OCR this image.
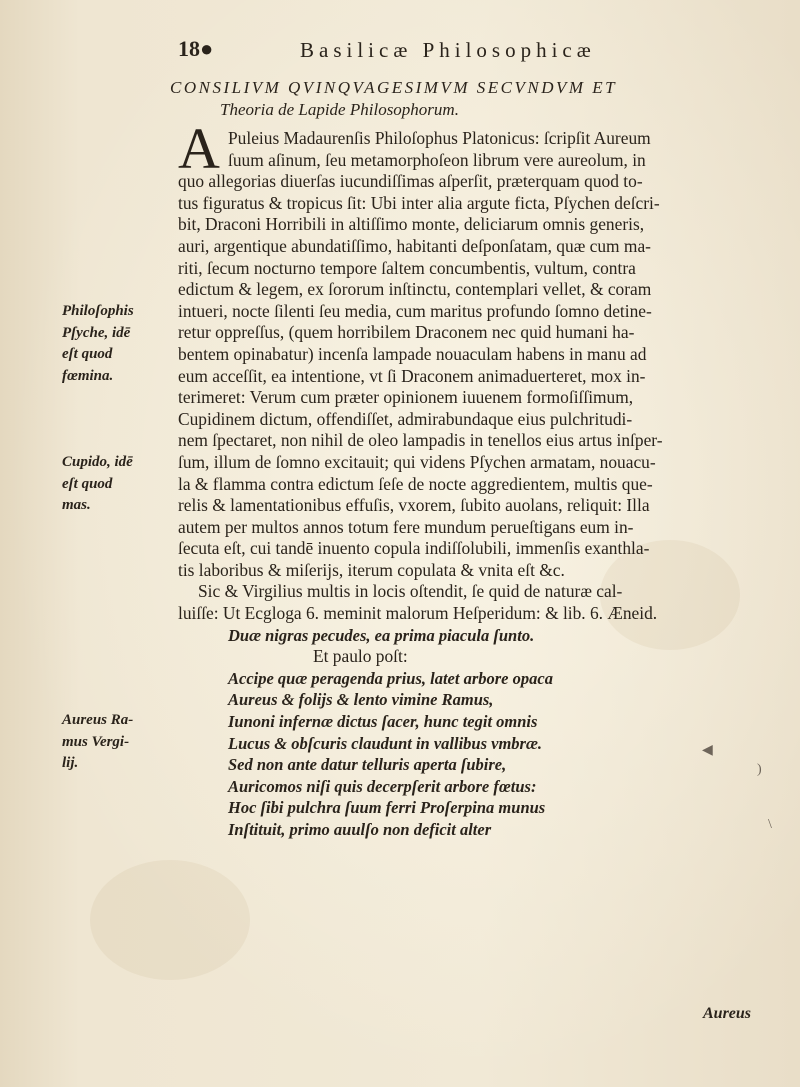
18●	Basilicæ Philosophicæ
CONSILIVM QVINQVAGESIMVM SECVNDVM ET
Theoria de Lapide Philosophorum.
A Puleius Madaurenſis Philoſophus Platonicus: ſcripſit Aureum
ſuum aſinum, ſeu metamorphoſeon librum vere aureolum, in
quo allegorias diuerſas iucundiſſimas aſperſit, præterquam quod to-
tus figuratus & tropicus ſit: Ubi inter alia argute ficta, Pſychen deſcri-
bit, Draconi Horribili in altiſſimo monte, deliciarum omnis generis,
auri, argentique abundatiſſimo, habitanti deſponſatam, quæ cum ma-
riti, ſecum nocturno tempore ſaltem concumbentis, vultum, contra
edictum & legem, ex ſororum inſtinctu, contemplari vellet, & coram
intueri, nocte ſilenti ſeu media, cum maritus profundo ſomno detine-
retur oppreſſus, (quem horribilem Draconem nec quid humani ha-
bentem opinabatur) incenſa lampade nouaculam habens in manu ad
eum acceſſit, ea intentione, vt ſi Draconem animaduerteret, mox in-
terimeret: Verum cum præter opinionem iuuenem formoſiſſimum,
Cupidinem dictum, offendiſſet, admirabundaque eius pulchritudi-
nem ſpectaret, non nihil de oleo lampadis in tenellos eius artus inſper-
ſum, illum de ſomno excitauit; qui videns Pſychen armatam, nouacu-
la & flamma contra edictum ſeſe de nocte aggredientem, multis que-
relis & lamentationibus effuſis, vxorem, ſubito auolans, reliquit: Illa
autem per multos annos totum fere mundum perueſtigans eum in-
ſecuta eſt, cui tandē inuento copula indiſſolubili, immenſis exanthla-
tis laboribus & miſerijs, iterum copulata & vnita eſt &c.
Sic & Virgilius multis in locis oſtendit, ſe quid de naturæ cal-
luiſſe: Ut Ecgloga 6. meminit malorum Heſperidum: & lib. 6. Æneid.
Duæ nigras pecudes, ea prima piacula ſunto.
Et paulo poſt:
Accipe quæ peragenda prius, latet arbore opaca
Aureus & folijs & lento vimine Ramus,
Iunoni infernæ dictus ſacer, hunc tegit omnis
Lucus & obſcuris claudunt in vallibus vmbræ.
Sed non ante datur telluris aperta ſubire,
Auricomos niſi quis decerpſerit arbore fœtus:
Hoc ſibi pulchra ſuum ferri Proſerpina munus
Inſtituit, primo auulſo non deficit alter
Philoſophis
Pſyche, idē
eſt quod
fœmina.
Cupido, idē
eſt quod
mas.
Aureus Ra-
mus Vergi-
lij.
Aureus
◀
)
\
